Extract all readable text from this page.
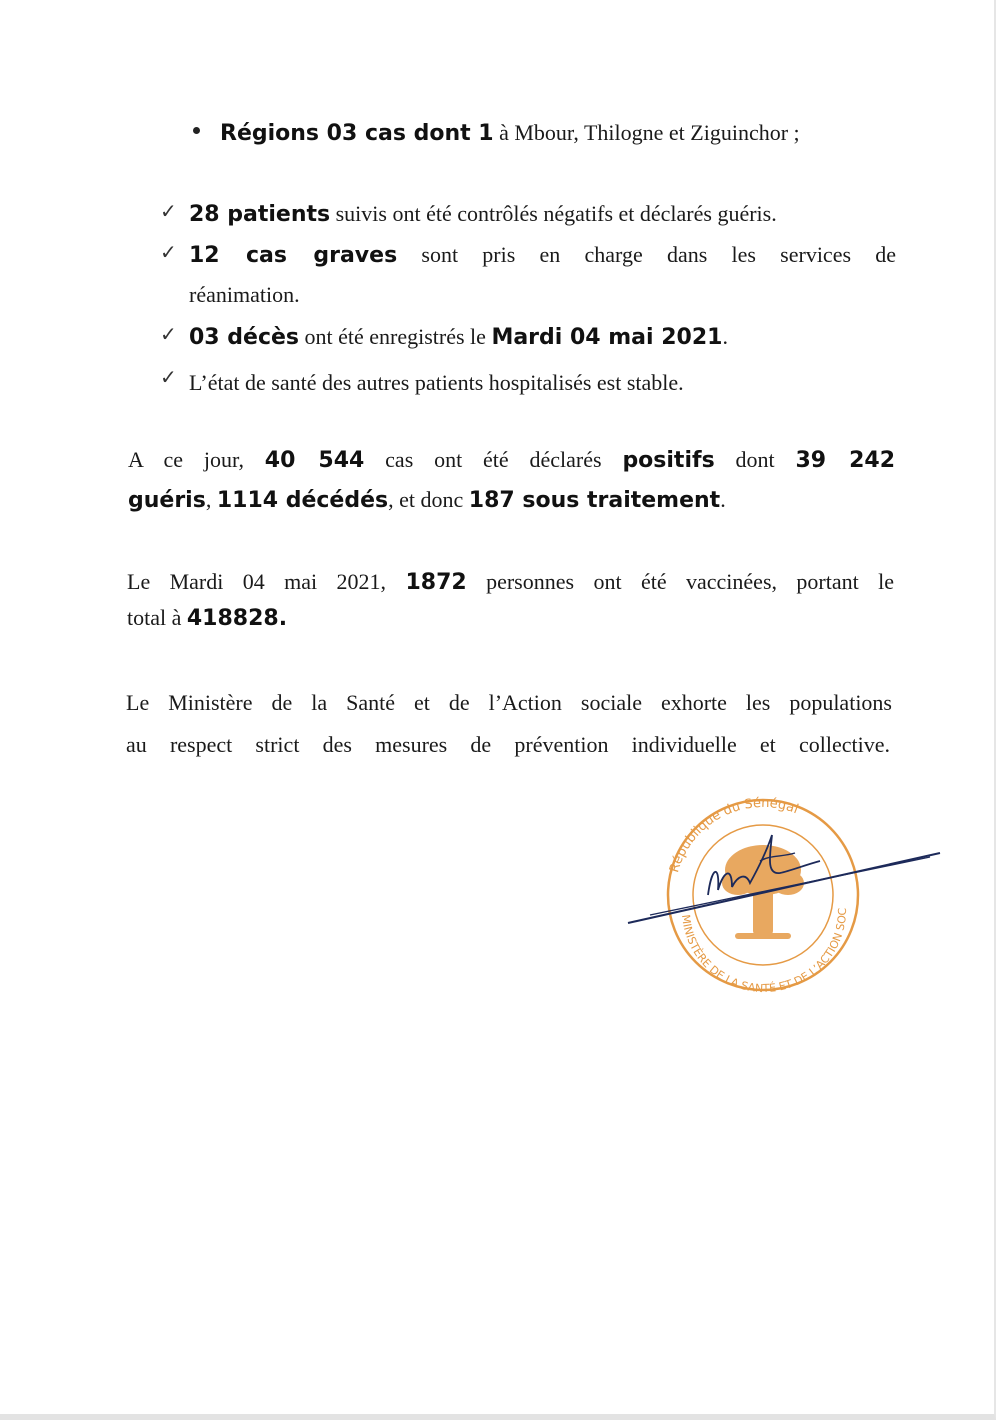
Régions 03 cas dont 1 à Mbour, Thilogne et Ziguinchor ;
✓ 28 patients suivis ont été contrôlés négatifs et déclarés guéris.
✓ 12 cas graves sont pris en charge dans les services de
réanimation.
✓ 03 décès ont été enregistrés le Mardi 04 mai 2021.
✓ L’état de santé des autres patients hospitalisés est stable.
A ce jour, 40 544 cas ont été déclarés positifs dont 39 242
guéris, 1114 décédés, et donc 187 sous traitement.
Le Mardi 04 mai 2021, 1872 personnes ont été vaccinées, portant le
total à 418828.
Le Ministère de la Santé et de l’Action sociale exhorte les populations
au respect strict des mesures de prévention individuelle et collective.
République du Sénégal
MINISTÈRE DE LA SANTÉ ET DE L’ACTION SOC
